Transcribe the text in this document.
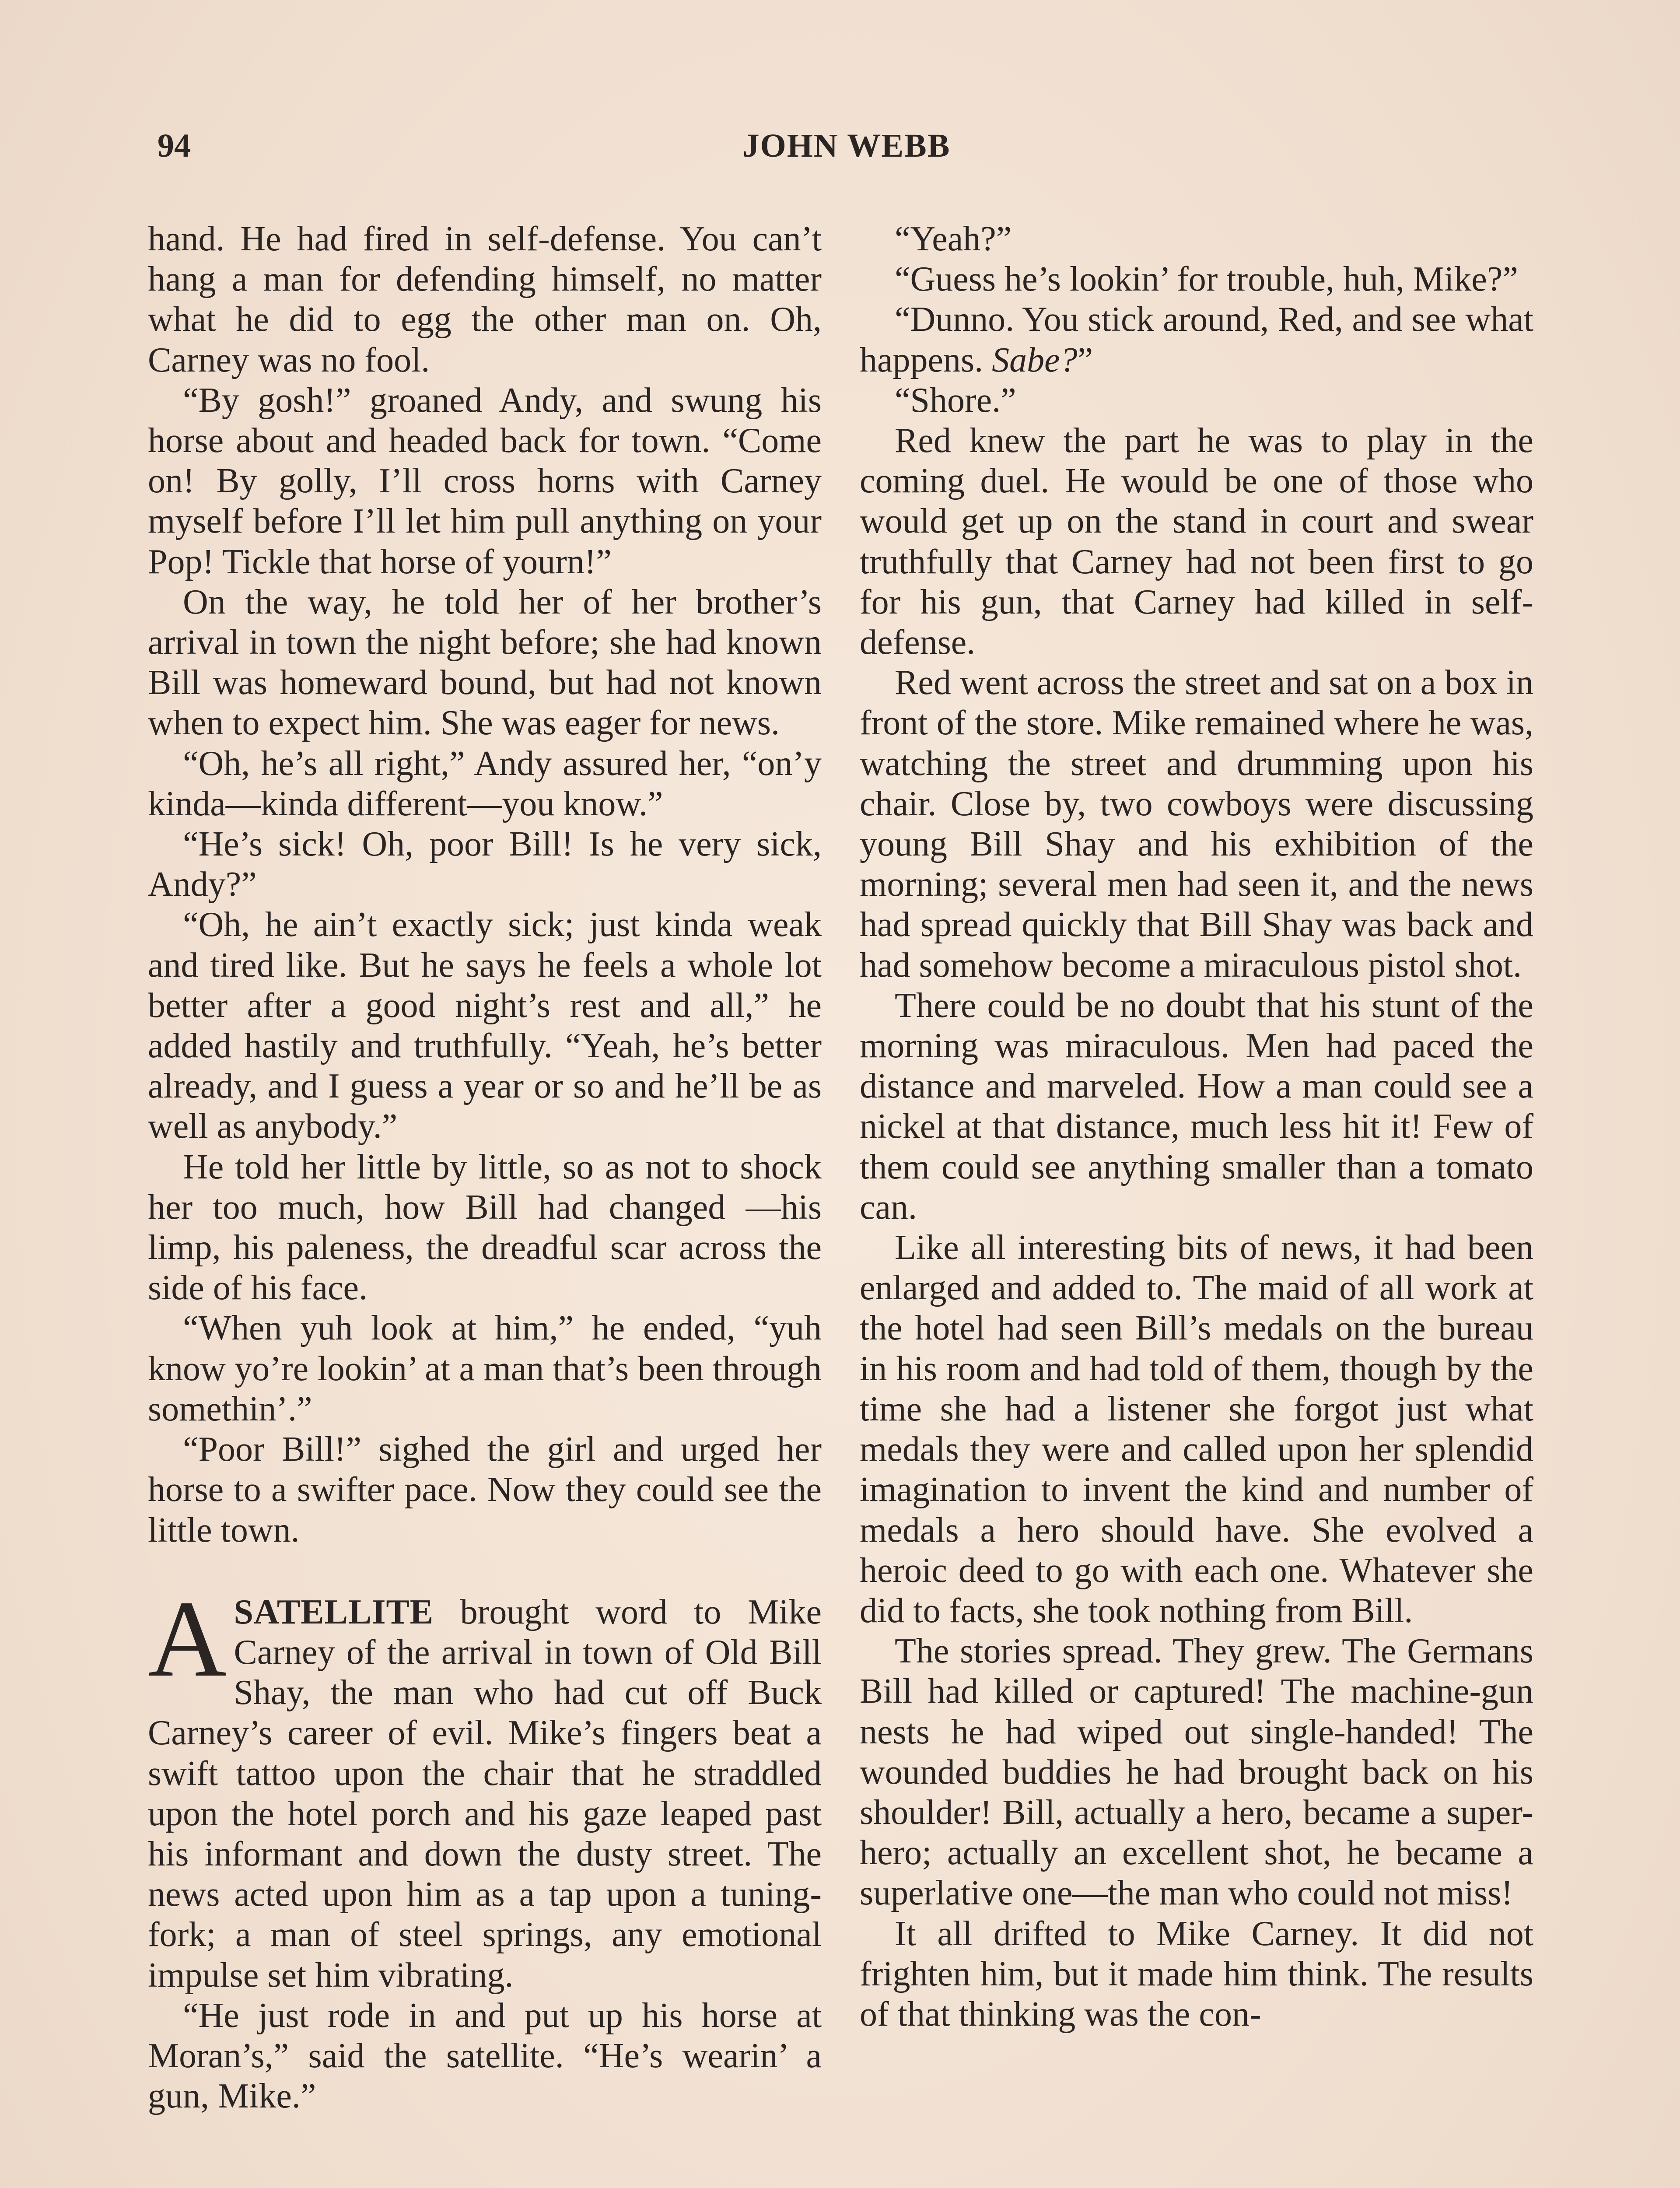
94	JOHN WEBB

hand. He had fired in self-defense. You can’t hang a man for defending himself, no matter what he did to egg the other man on. Oh, Carney was no fool.

“By gosh!” groaned Andy, and swung his horse about and headed back for town. “Come on! By golly, I’ll cross horns with Carney myself before I’ll let him pull anything on your Pop! Tickle that horse of yourn!”

On the way, he told her of her brother’s arrival in town the night before; she had known Bill was homeward bound, but had not known when to expect him. She was eager for news.

“Oh, he’s all right,” Andy assured her, “on’y kinda—kinda different—you know.”

“He’s sick! Oh, poor Bill! Is he very sick, Andy?”

“Oh, he ain’t exactly sick; just kinda weak and tired like. But he says he feels a whole lot better after a good night’s rest and all,” he added hastily and truthfully. “Yeah, he’s better already, and I guess a year or so and he’ll be as well as anybody.”

He told her little by little, so as not to shock her too much, how Bill had changed —his limp, his paleness, the dreadful scar across the side of his face.

“When yuh look at him,” he ended, “yuh know yo’re lookin’ at a man that’s been through somethin’.”

“Poor Bill!” sighed the girl and urged her horse to a swifter pace. Now they could see the little town.

ASATELLITE brought word to Mike Carney of the arrival in town of Old Bill Shay, the man who had cut off Buck Carney’s career of evil. Mike’s fingers beat a swift tattoo upon the chair that he straddled upon the hotel porch and his gaze leaped past his informant and down the dusty street. The news acted upon him as a tap upon a tuning-fork; a man of steel springs, any emotional impulse set him vibrating.

“He just rode in and put up his horse at Moran’s,” said the satellite. “He’s wearin’ a gun, Mike.”

“Yeah?”

“Guess he’s lookin’ for trouble, huh, Mike?”

“Dunno. You stick around, Red, and see what happens. Sabe?”

“Shore.”

Red knew the part he was to play in the coming duel. He would be one of those who would get up on the stand in court and swear truthfully that Carney had not been first to go for his gun, that Carney had killed in self-defense.

Red went across the street and sat on a box in front of the store. Mike remained where he was, watching the street and drumming upon his chair. Close by, two cowboys were discussing young Bill Shay and his exhibition of the morning; several men had seen it, and the news had spread quickly that Bill Shay was back and had somehow become a miraculous pistol shot.

There could be no doubt that his stunt of the morning was miraculous. Men had paced the distance and marveled. How a man could see a nickel at that distance, much less hit it! Few of them could see anything smaller than a tomato can.

Like all interesting bits of news, it had been enlarged and added to. The maid of all work at the hotel had seen Bill’s medals on the bureau in his room and had told of them, though by the time she had a listener she forgot just what medals they were and called upon her splendid imagination to invent the kind and number of medals a hero should have. She evolved a heroic deed to go with each one. Whatever she did to facts, she took nothing from Bill.

The stories spread. They grew. The Germans Bill had killed or captured! The machine-gun nests he had wiped out single-handed! The wounded buddies he had brought back on his shoulder! Bill, actually a hero, became a super-hero; actually an excellent shot, he became a superlative one—the man who could not miss!

It all drifted to Mike Carney. It did not frighten him, but it made him think. The results of that thinking was the con-
